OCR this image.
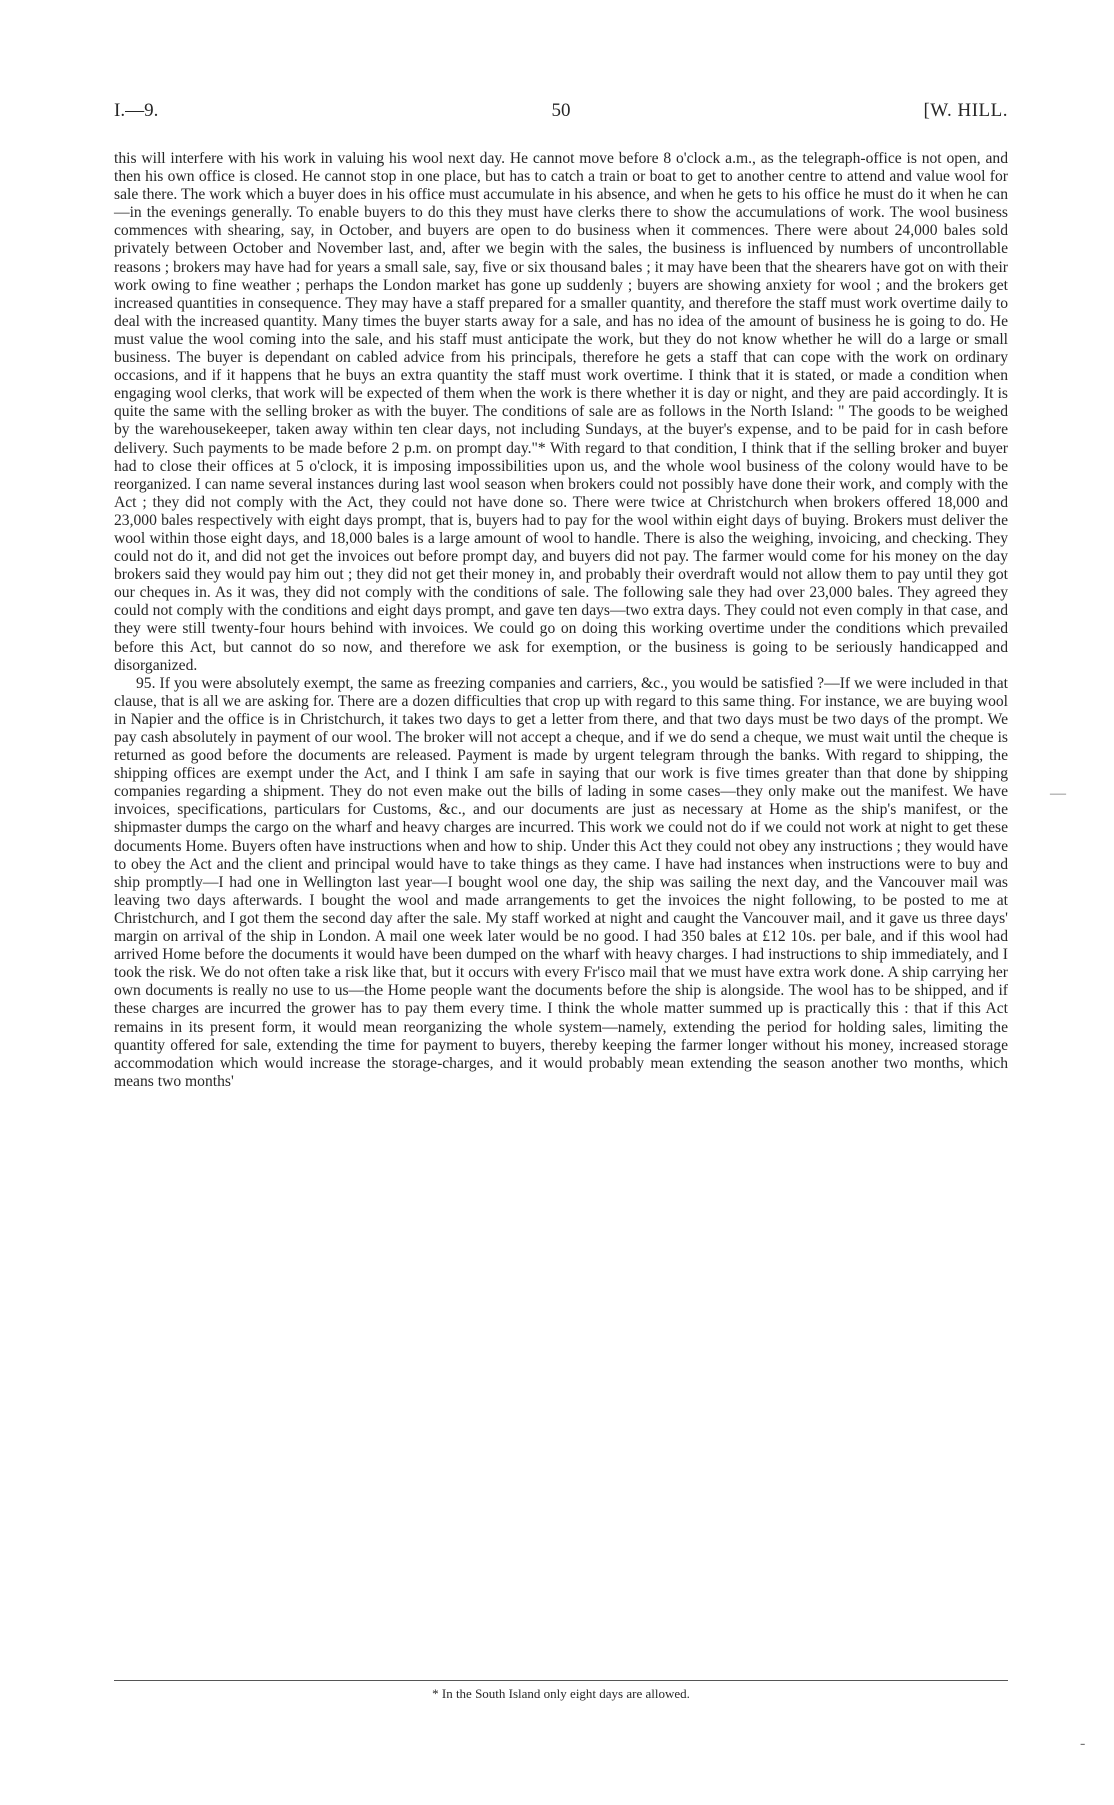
I.—9.	50	[W. HILL.

this will interfere with his work in valuing his wool next day. He cannot move before 8 o'clock a.m., as the telegraph-office is not open, and then his own office is closed. He cannot stop in one place, but has to catch a train or boat to get to another centre to attend and value wool for sale there. The work which a buyer does in his office must accumulate in his absence, and when he gets to his office he must do it when he can—in the evenings generally. To enable buyers to do this they must have clerks there to show the accumulations of work. The wool business commences with shearing, say, in October, and buyers are open to do business when it commences. There were about 24,000 bales sold privately between October and November last, and, after we begin with the sales, the business is influenced by numbers of uncontrollable reasons ; brokers may have had for years a small sale, say, five or six thousand bales ; it may have been that the shearers have got on with their work owing to fine weather ; perhaps the London market has gone up suddenly ; buyers are showing anxiety for wool ; and the brokers get increased quantities in consequence. They may have a staff prepared for a smaller quantity, and therefore the staff must work overtime daily to deal with the increased quantity. Many times the buyer starts away for a sale, and has no idea of the amount of business he is going to do. He must value the wool coming into the sale, and his staff must anticipate the work, but they do not know whether he will do a large or small business. The buyer is dependant on cabled advice from his principals, therefore he gets a staff that can cope with the work on ordinary occasions, and if it happens that he buys an extra quantity the staff must work overtime. I think that it is stated, or made a condition when engaging wool clerks, that work will be expected of them when the work is there whether it is day or night, and they are paid accordingly. It is quite the same with the selling broker as with the buyer. The conditions of sale are as follows in the North Island: " The goods to be weighed by the warehousekeeper, taken away within ten clear days, not including Sundays, at the buyer's expense, and to be paid for in cash before delivery. Such payments to be made before 2 p.m. on prompt day."* With regard to that condition, I think that if the selling broker and buyer had to close their offices at 5 o'clock, it is imposing impossibilities upon us, and the whole wool business of the colony would have to be reorganized. I can name several instances during last wool season when brokers could not possibly have done their work, and comply with the Act ; they did not comply with the Act, they could not have done so. There were twice at Christchurch when brokers offered 18,000 and 23,000 bales respectively with eight days prompt, that is, buyers had to pay for the wool within eight days of buying. Brokers must deliver the wool within those eight days, and 18,000 bales is a large amount of wool to handle. There is also the weighing, invoicing, and checking. They could not do it, and did not get the invoices out before prompt day, and buyers did not pay. The farmer would come for his money on the day brokers said they would pay him out ; they did not get their money in, and probably their overdraft would not allow them to pay until they got our cheques in. As it was, they did not comply with the conditions of sale. The following sale they had over 23,000 bales. They agreed they could not comply with the conditions and eight days prompt, and gave ten days—two extra days. They could not even comply in that case, and they were still twenty-four hours behind with invoices. We could go on doing this working overtime under the conditions which prevailed before this Act, but cannot do so now, and therefore we ask for exemption, or the business is going to be seriously handicapped and disorganized.

95. If you were absolutely exempt, the same as freezing companies and carriers, &c., you would be satisfied ?—If we were included in that clause, that is all we are asking for. There are a dozen difficulties that crop up with regard to this same thing. For instance, we are buying wool in Napier and the office is in Christchurch, it takes two days to get a letter from there, and that two days must be two days of the prompt. We pay cash absolutely in payment of our wool. The broker will not accept a cheque, and if we do send a cheque, we must wait until the cheque is returned as good before the documents are released. Payment is made by urgent telegram through the banks. With regard to shipping, the shipping offices are exempt under the Act, and I think I am safe in saying that our work is five times greater than that done by shipping companies regarding a shipment. They do not even make out the bills of lading in some cases—they only make out the manifest. We have invoices, specifications, particulars for Customs, &c., and our documents are just as necessary at Home as the ship's manifest, or the shipmaster dumps the cargo on the wharf and heavy charges are incurred. This work we could not do if we could not work at night to get these documents Home. Buyers often have instructions when and how to ship. Under this Act they could not obey any instructions ; they would have to obey the Act and the client and principal would have to take things as they came. I have had instances when instructions were to buy and ship promptly—I had one in Wellington last year—I bought wool one day, the ship was sailing the next day, and the Vancouver mail was leaving two days afterwards. I bought the wool and made arrangements to get the invoices the night following, to be posted to me at Christchurch, and I got them the second day after the sale. My staff worked at night and caught the Vancouver mail, and it gave us three days' margin on arrival of the ship in London. A mail one week later would be no good. I had 350 bales at £12 10s. per bale, and if this wool had arrived Home before the documents it would have been dumped on the wharf with heavy charges. I had instructions to ship immediately, and I took the risk. We do not often take a risk like that, but it occurs with every Fr'isco mail that we must have extra work done. A ship carrying her own documents is really no use to us—the Home people want the documents before the ship is alongside. The wool has to be shipped, and if these charges are incurred the grower has to pay them every time. I think the whole matter summed up is practically this : that if this Act remains in its present form, it would mean reorganizing the whole system—namely, extending the period for holding sales, limiting the quantity offered for sale, extending the time for payment to buyers, thereby keeping the farmer longer without his money, increased storage accommodation which would increase the storage-charges, and it would probably mean extending the season another two months, which means two months'

* In the South Island only eight days are allowed.
—
‑
